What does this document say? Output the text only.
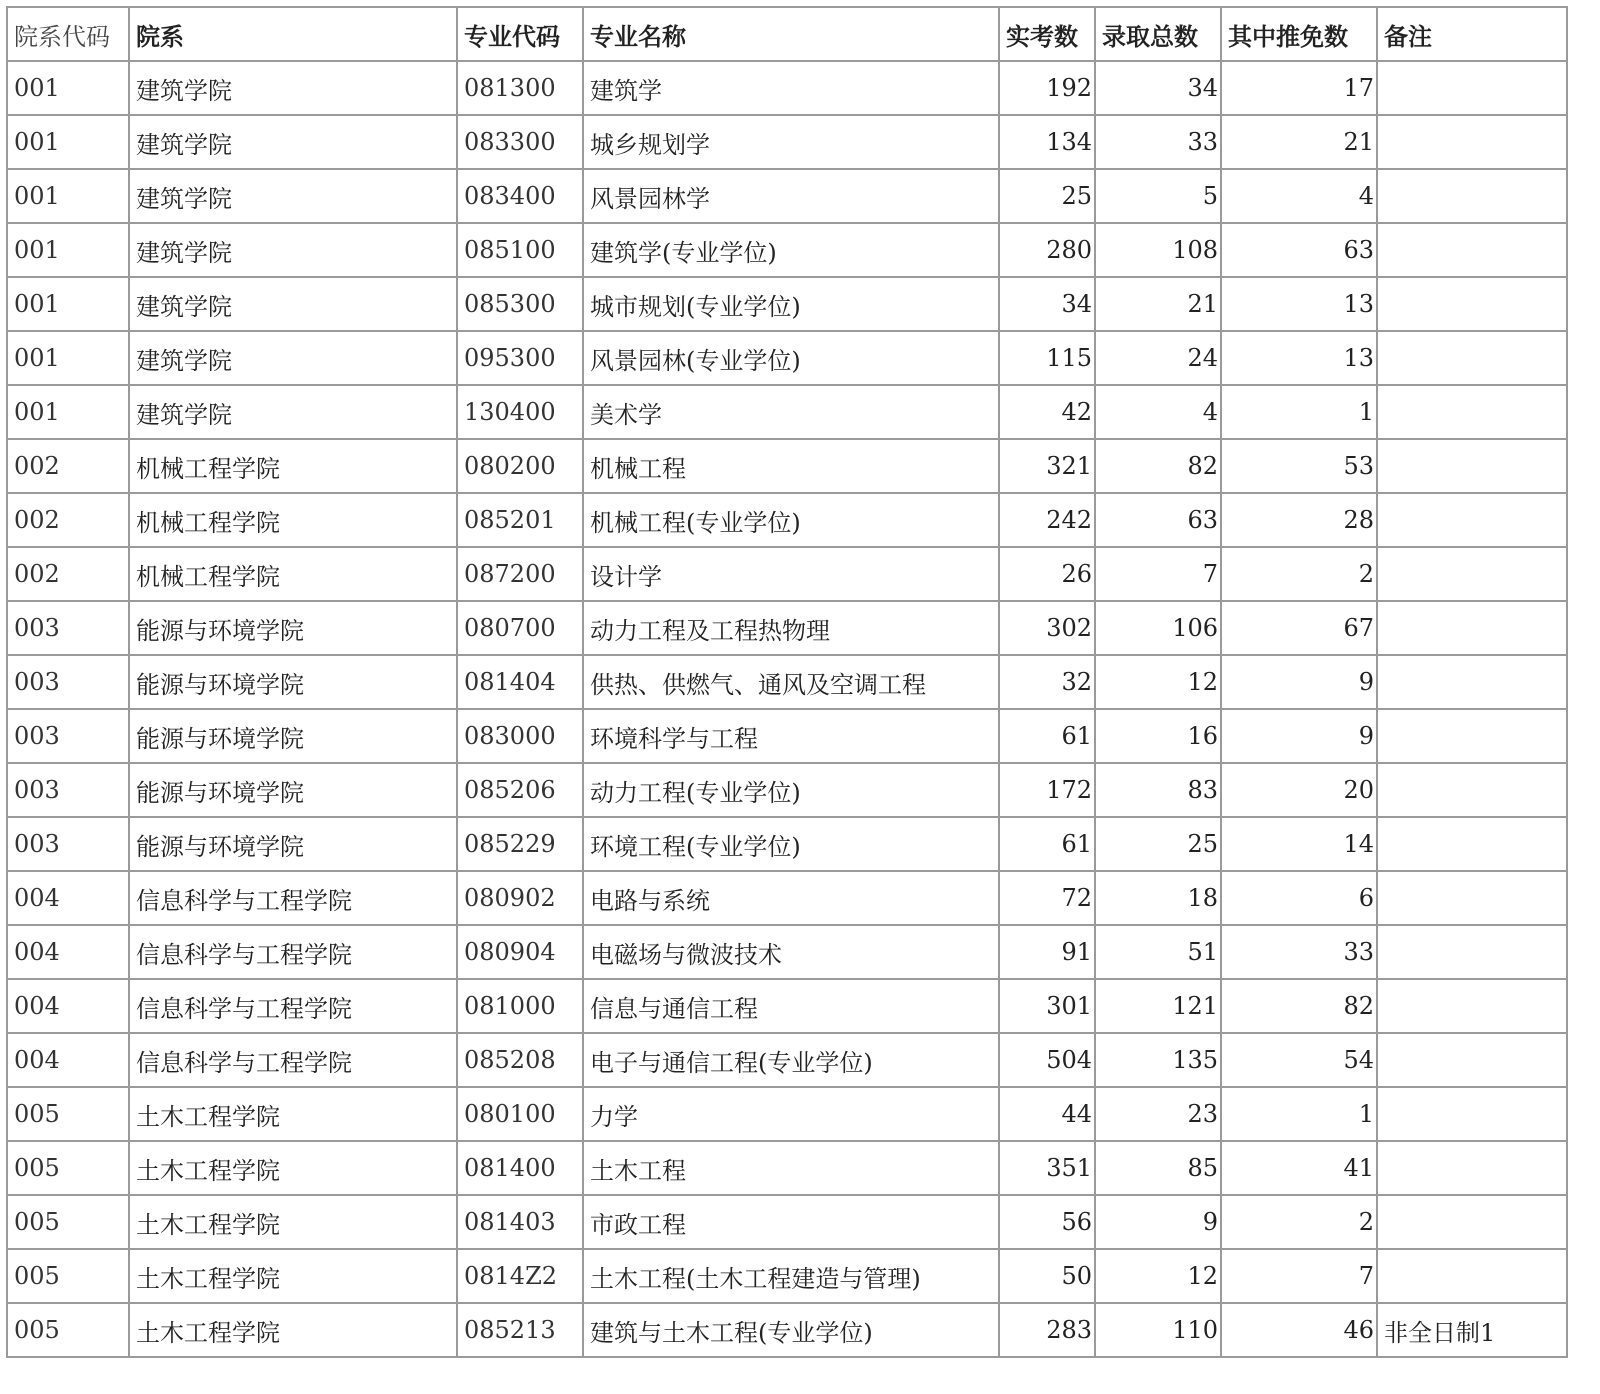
院系代码	院系	专业代码	专业名称	实考数	录取总数	其中推免数	备注
001	建筑学院	081300	建筑学	192	34	17	
001	建筑学院	083300	城乡规划学	134	33	21	
001	建筑学院	083400	风景园林学	25	5	4	
001	建筑学院	085100	建筑学(专业学位)	280	108	63	
001	建筑学院	085300	城市规划(专业学位)	34	21	13	
001	建筑学院	095300	风景园林(专业学位)	115	24	13	
001	建筑学院	130400	美术学	42	4	1	
002	机械工程学院	080200	机械工程	321	82	53	
002	机械工程学院	085201	机械工程(专业学位)	242	63	28	
002	机械工程学院	087200	设计学	26	7	2	
003	能源与环境学院	080700	动力工程及工程热物理	302	106	67	
003	能源与环境学院	081404	供热、供燃气、通风及空调工程	32	12	9	
003	能源与环境学院	083000	环境科学与工程	61	16	9	
003	能源与环境学院	085206	动力工程(专业学位)	172	83	20	
003	能源与环境学院	085229	环境工程(专业学位)	61	25	14	
004	信息科学与工程学院	080902	电路与系统	72	18	6	
004	信息科学与工程学院	080904	电磁场与微波技术	91	51	33	
004	信息科学与工程学院	081000	信息与通信工程	301	121	82	
004	信息科学与工程学院	085208	电子与通信工程(专业学位)	504	135	54	
005	土木工程学院	080100	力学	44	23	1	
005	土木工程学院	081400	土木工程	351	85	41	
005	土木工程学院	081403	市政工程	56	9	2	
005	土木工程学院	0814Z2	土木工程(土木工程建造与管理)	50	12	7	
005	土木工程学院	085213	建筑与土木工程(专业学位)	283	110	46	非全日制1
